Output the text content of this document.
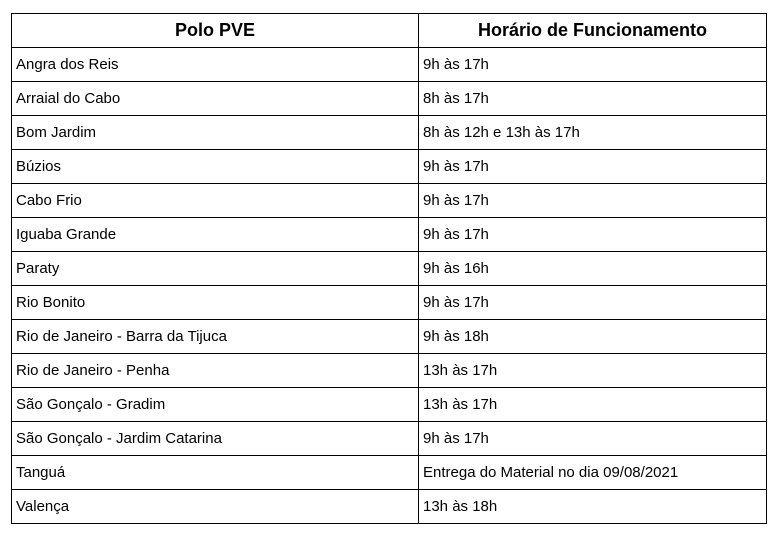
Polo PVE	Horário de Funcionamento
Angra dos Reis	9h às 17h
Arraial do Cabo	8h às 17h
Bom Jardim	8h às 12h e 13h às 17h
Búzios	9h às 17h
Cabo Frio	9h às 17h
Iguaba Grande	9h às 17h
Paraty	9h às 16h
Rio Bonito	9h às 17h
Rio de Janeiro - Barra da Tijuca	9h às 18h
Rio de Janeiro - Penha	13h às 17h
São Gonçalo - Gradim	13h às 17h
São Gonçalo - Jardim Catarina	9h às 17h
Tanguá	Entrega do Material no dia 09/08/2021
Valença	13h às 18h
